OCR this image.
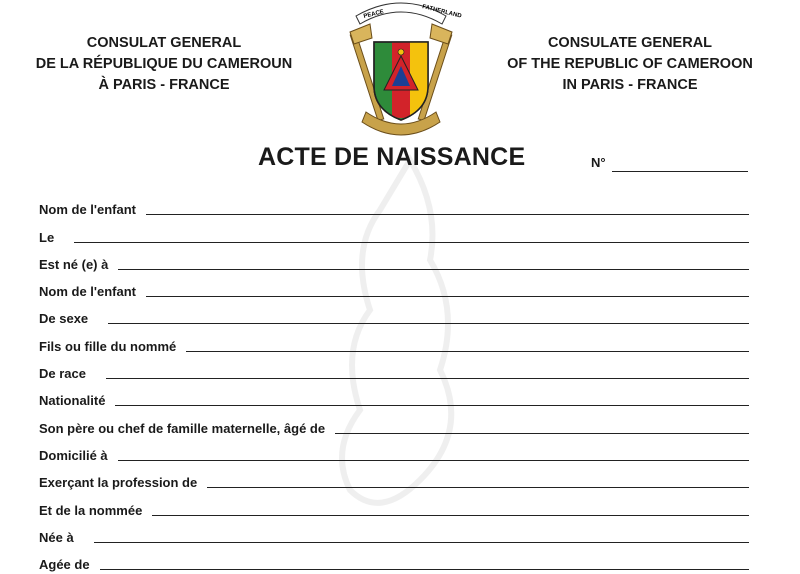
CONSULAT GENERAL
DE LA RÉPUBLIQUE DU CAMEROUN
À PARIS - FRANCE
CONSULATE GENERAL
OF THE REPUBLIC OF CAMEROON
IN PARIS - FRANCE
PEACE	FATHERLAND
ACTE DE NAISSANCE	N°
Nom de l'enfant
Le
Est né (e) à
Nom de l'enfant
De sexe
Fils ou fille du nommé
De race
Nationalité
Son père ou chef de famille maternelle, âgé de
Domicilié à
Exerçant la profession de
Et de la nommée
Née à
Agée de
